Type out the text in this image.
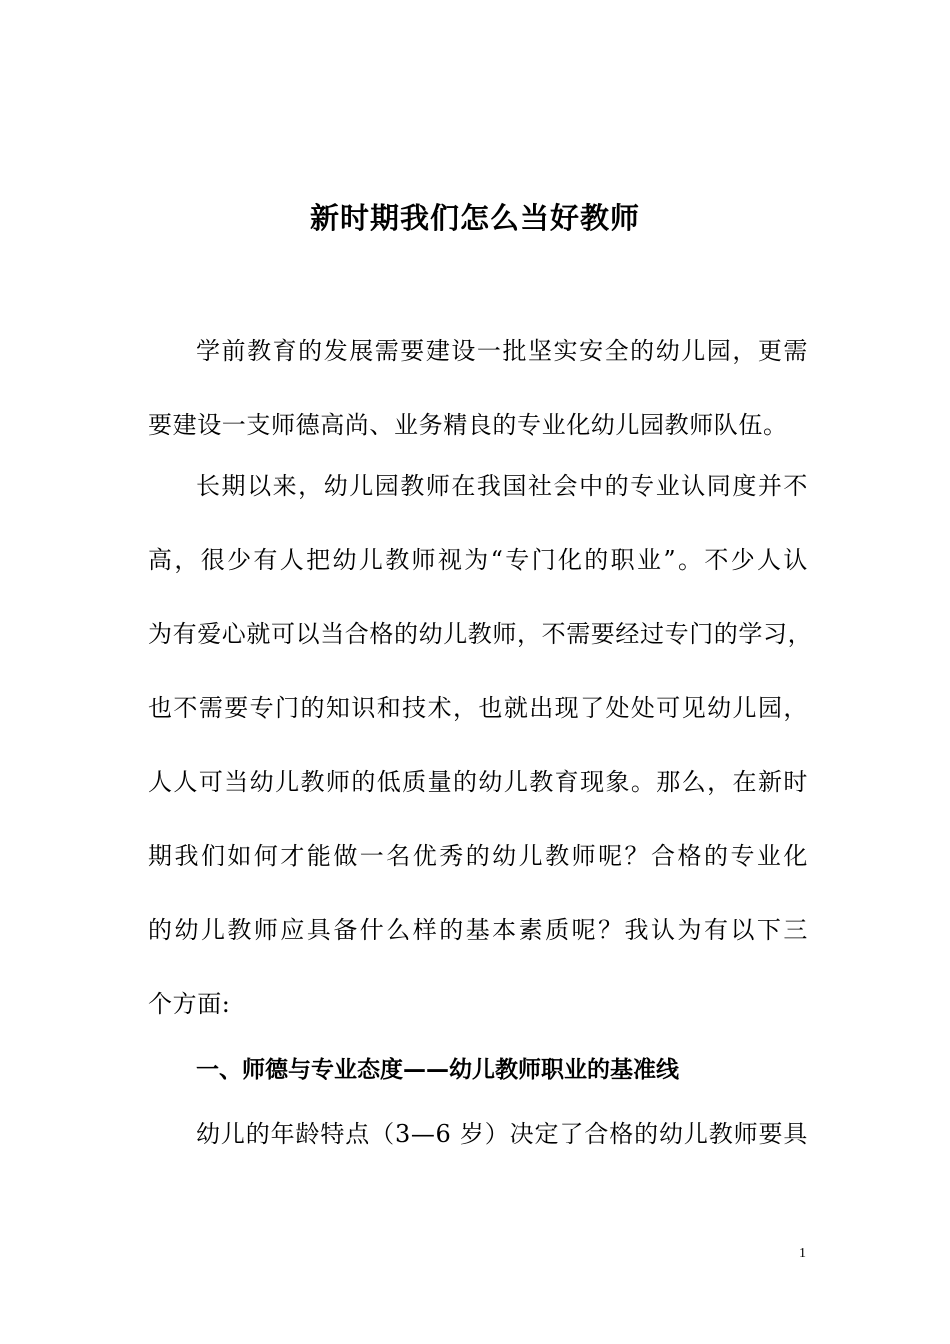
新时期我们怎么当好教师
学前教育的发展需要建设一批坚实安全的幼儿园，更需
要建设一支师德高尚、业务精良的专业化幼儿园教师队伍。
长期以来，幼儿园教师在我国社会中的专业认同度并不
高，很少有人把幼儿教师视为“专门化的职业”。不少人认
为有爱心就可以当合格的幼儿教师，不需要经过专门的学习，
也不需要专门的知识和技术，也就出现了处处可见幼儿园，
人人可当幼儿教师的低质量的幼儿教育现象。那么，在新时
期我们如何才能做一名优秀的幼儿教师呢？合格的专业化
的幼儿教师应具备什么样的基本素质呢？我认为有以下三
个方面:
一、师德与专业态度——幼儿教师职业的基准线
幼儿的年龄特点（3—6 岁）决定了合格的幼儿教师要具
1
